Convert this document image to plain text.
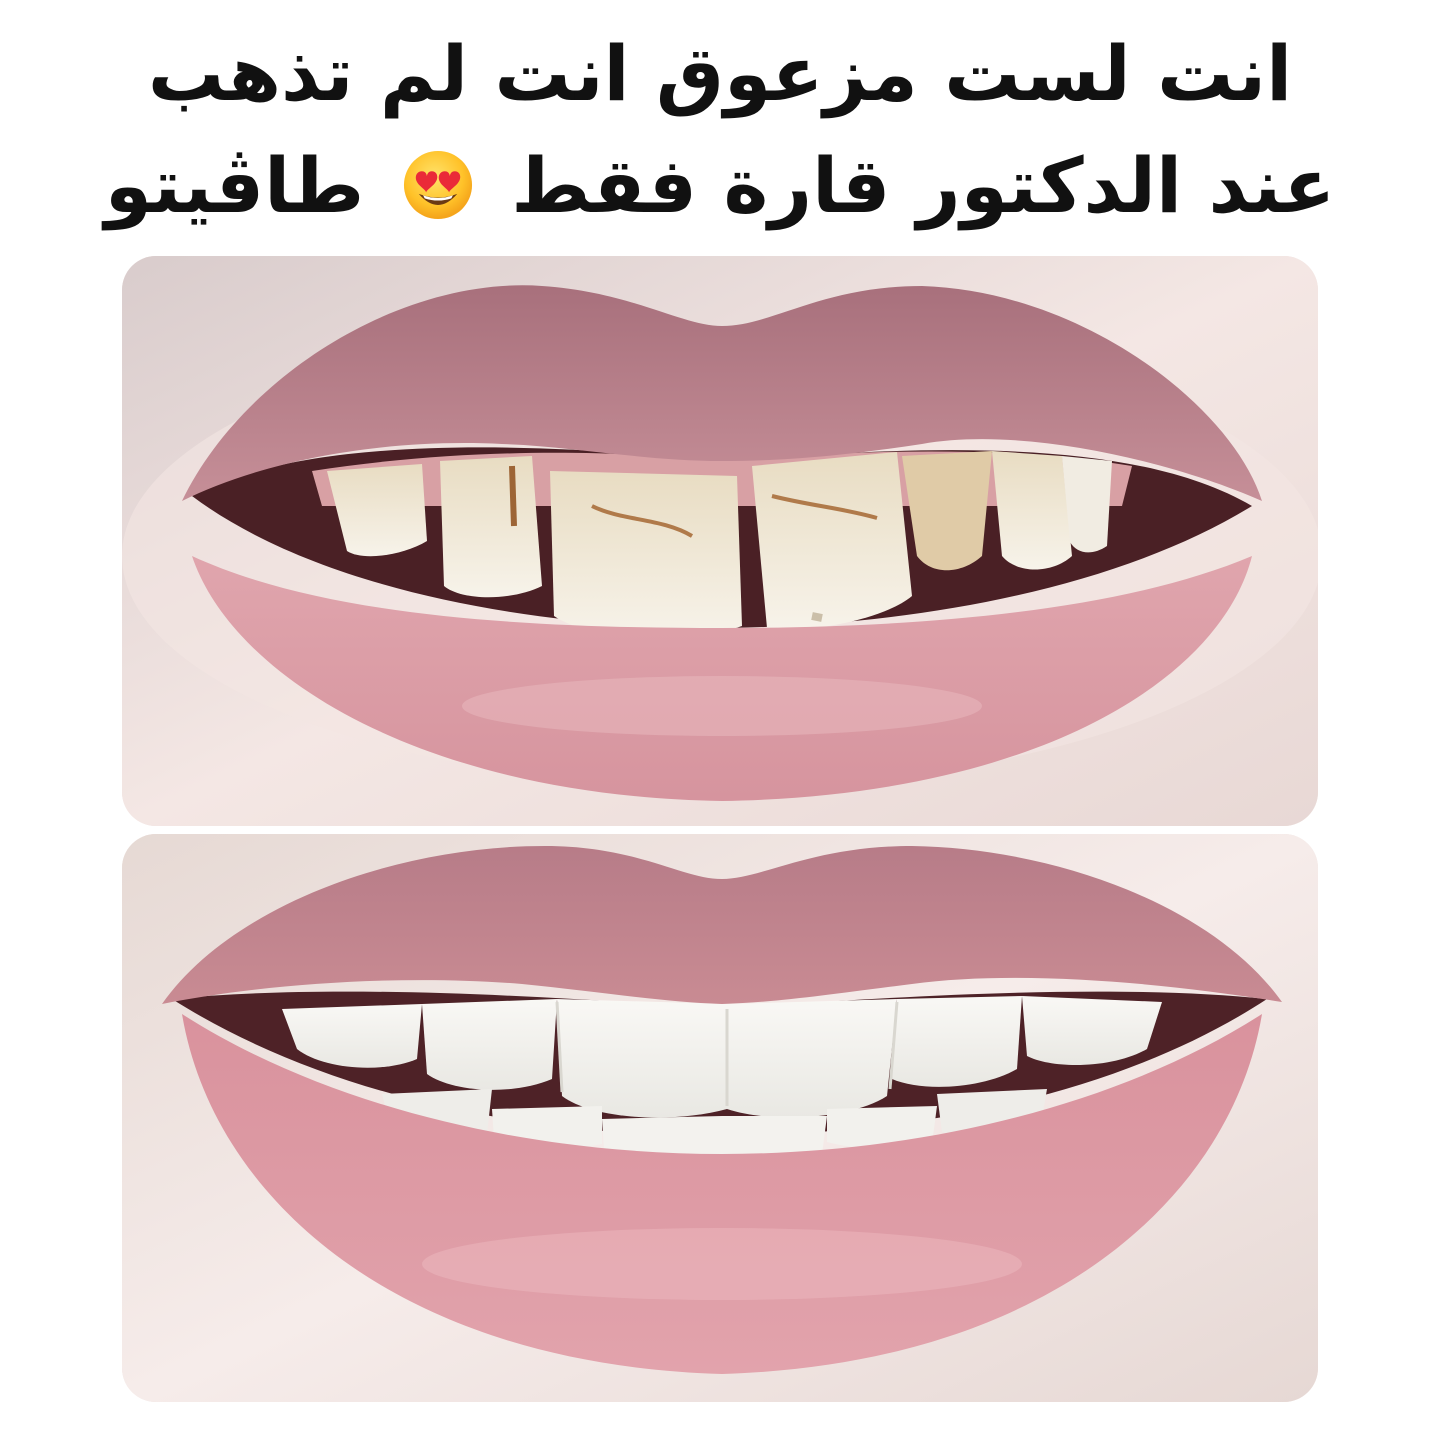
انت لست مزعوق انت لم تذهب
عند الدكتور قارة فقط  طاڤيتو
